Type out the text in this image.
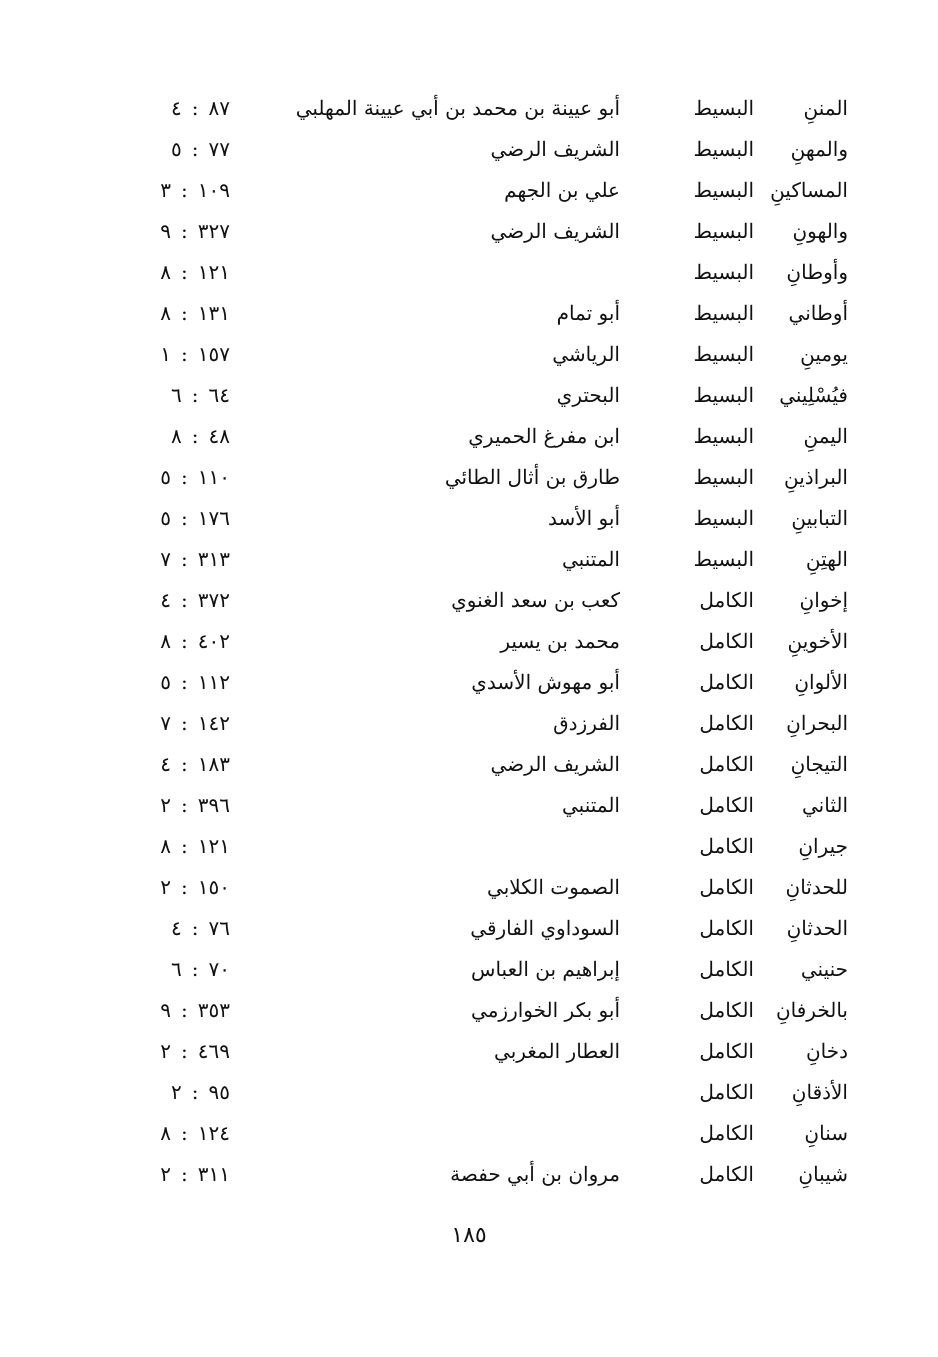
المننِ
البسيط
أبو عيينة بن محمد بن أبي عيينة المهلبي
٨٧:٤
والمهنِ
البسيط
الشريف الرضي
٧٧:٥
المساكينِ
البسيط
علي بن الجهم
١٠٩:٣
والهونِ
البسيط
الشريف الرضي
٣٢٧:٩
وأوطانِ
البسيط
١٢١:٨
أوطاني
البسيط
أبو تمام
١٣١:٨
يومينِ
البسيط
الرياشي
١٥٧:١
فيُسْلِيني
البسيط
البحتري
٦٤:٦
اليمنِ
البسيط
ابن مفرغ الحميري
٤٨:٨
البراذينِ
البسيط
طارق بن أثال الطائي
١١٠:٥
التبابينِ
البسيط
أبو الأسد
١٧٦:٥
الهتِنِ
البسيط
المتنبي
٣١٣:٧
إخوانِ
الكامل
كعب بن سعد الغنوي
٣٧٢:٤
الأخوينِ
الكامل
محمد بن يسير
٤٠٢:٨
الألوانِ
الكامل
أبو مهوش الأسدي
١١٢:٥
البحرانِ
الكامل
الفرزدق
١٤٢:٧
التيجانِ
الكامل
الشريف الرضي
١٨٣:٤
الثاني
الكامل
المتنبي
٣٩٦:٢
جيرانِ
الكامل
١٢١:٨
للحدثانِ
الكامل
الصموت الكلابي
١٥٠:٢
الحدثانِ
الكامل
السوداوي الفارقي
٧٦:٤
حنيني
الكامل
إبراهيم بن العباس
٧٠:٦
بالخرفانِ
الكامل
أبو بكر الخوارزمي
٣٥٣:٩
دخانِ
الكامل
العطار المغربي
٤٦٩:٢
الأذقانِ
الكامل
٩٥:٢
سنانِ
الكامل
١٢٤:٨
شيبانِ
الكامل
مروان بن أبي حفصة
٣١١:٢
١٨٥
